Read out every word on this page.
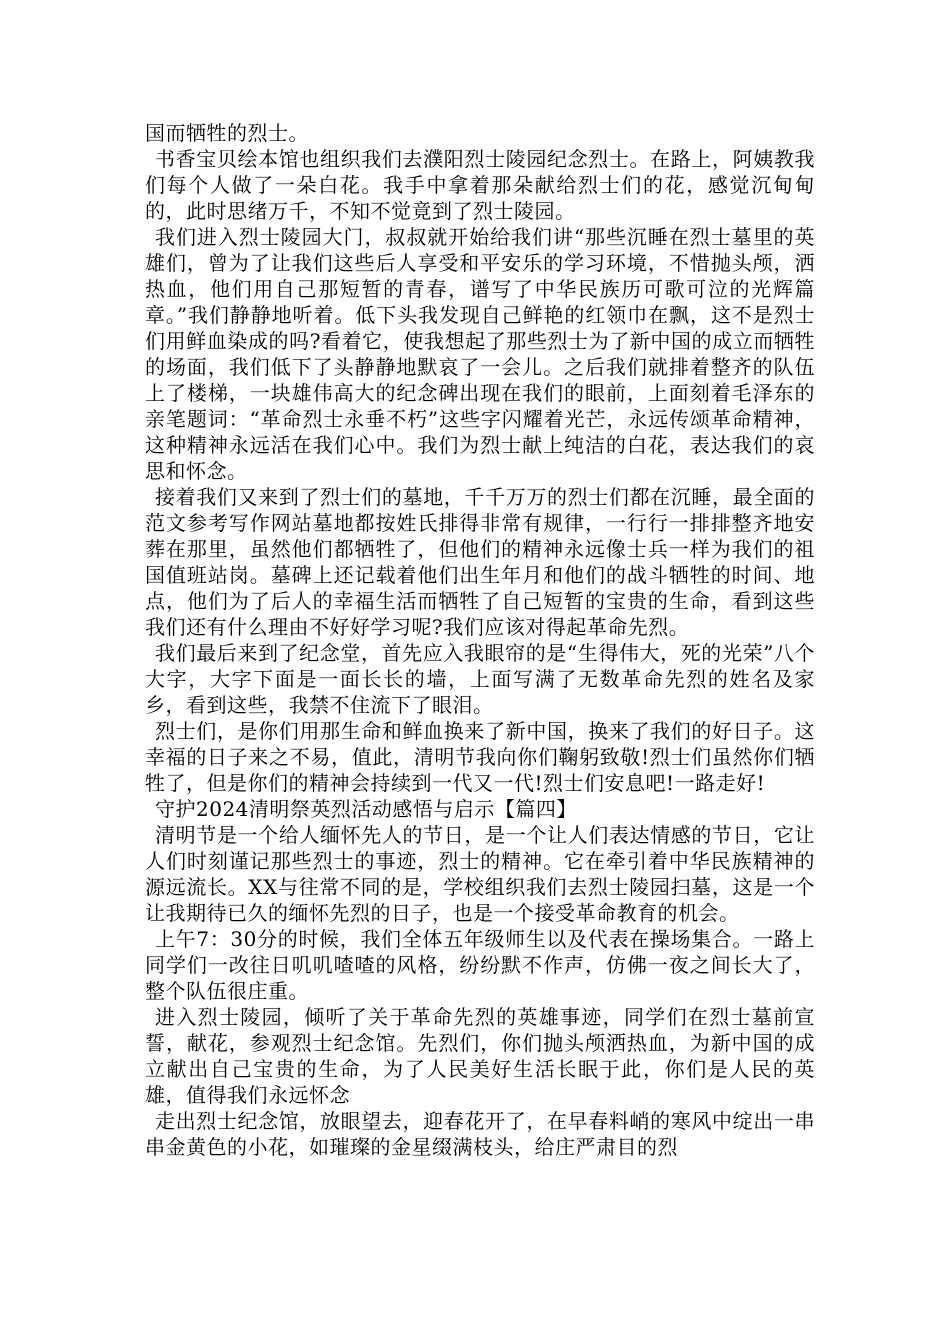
国而牺牲的烈士。

书香宝贝绘本馆也组织我们去濮阳烈士陵园纪念烈士。在路上，阿姨教我们每个人做了一朵白花。我手中拿着那朵献给烈士们的花，感觉沉甸甸的，此时思绪万千，不知不觉竟到了烈士陵园。

我们进入烈士陵园大门，叔叔就开始给我们讲“那些沉睡在烈士墓里的英雄们，曾为了让我们这些后人享受和平安乐的学习环境，不惜抛头颅，洒热血，他们用自己那短暂的青春，谱写了中华民族历可歌可泣的光辉篇章。”我们静静地听着。低下头我发现自己鲜艳的红领巾在飘，这不是烈士们用鲜血染成的吗?看着它，使我想起了那些烈士为了新中国的成立而牺牲的场面，我们低下了头静静地默哀了一会儿。之后我们就排着整齐的队伍上了楼梯，一块雄伟高大的纪念碑出现在我们的眼前，上面刻着毛泽东的亲笔题词：“革命烈士永垂不朽”这些字闪耀着光芒，永远传颂革命精神，这种精神永远活在我们心中。我们为烈士献上纯洁的白花，表达我们的哀思和怀念。

接着我们又来到了烈士们的墓地，千千万万的烈士们都在沉睡，最全面的范文参考写作网站墓地都按姓氏排得非常有规律，一行行一排排整齐地安葬在那里，虽然他们都牺牲了，但他们的精神永远像士兵一样为我们的祖国值班站岗。墓碑上还记载着他们出生年月和他们的战斗牺牲的时间、地点，他们为了后人的幸福生活而牺牲了自己短暂的宝贵的生命，看到这些我们还有什么理由不好好学习呢?我们应该对得起革命先烈。

我们最后来到了纪念堂，首先应入我眼帘的是“生得伟大，死的光荣”八个大字，大字下面是一面长长的墙，上面写满了无数革命先烈的姓名及家乡，看到这些，我禁不住流下了眼泪。

烈士们，是你们用那生命和鲜血换来了新中国，换来了我们的好日子。这幸福的日子来之不易，值此，清明节我向你们鞠躬致敬!烈士们虽然你们牺牲了，但是你们的精神会持续到一代又一代!烈士们安息吧!一路走好!

守护2024清明祭英烈活动感悟与启示【篇四】

清明节是一个给人缅怀先人的节日，是一个让人们表达情感的节日，它让人们时刻谨记那些烈士的事迹，烈士的精神。它在牵引着中华民族精神的源远流长。XX与往常不同的是，学校组织我们去烈士陵园扫墓，这是一个让我期待已久的缅怀先烈的日子，也是一个接受革命教育的机会。

上午7：30分的时候，我们全体五年级师生以及代表在操场集合。一路上同学们一改往日叽叽喳喳的风格，纷纷默不作声，仿佛一夜之间长大了，整个队伍很庄重。

进入烈士陵园，倾听了关于革命先烈的英雄事迹，同学们在烈士墓前宣誓，献花，参观烈士纪念馆。先烈们，你们抛头颅洒热血，为新中国的成立献出自己宝贵的生命，为了人民美好生活长眠于此，你们是人民的英雄，值得我们永远怀念

走出烈士纪念馆，放眼望去，迎春花开了，在早春料峭的寒风中绽出一串串金黄色的小花，如璀璨的金星缀满枝头，给庄严肃目的烈
